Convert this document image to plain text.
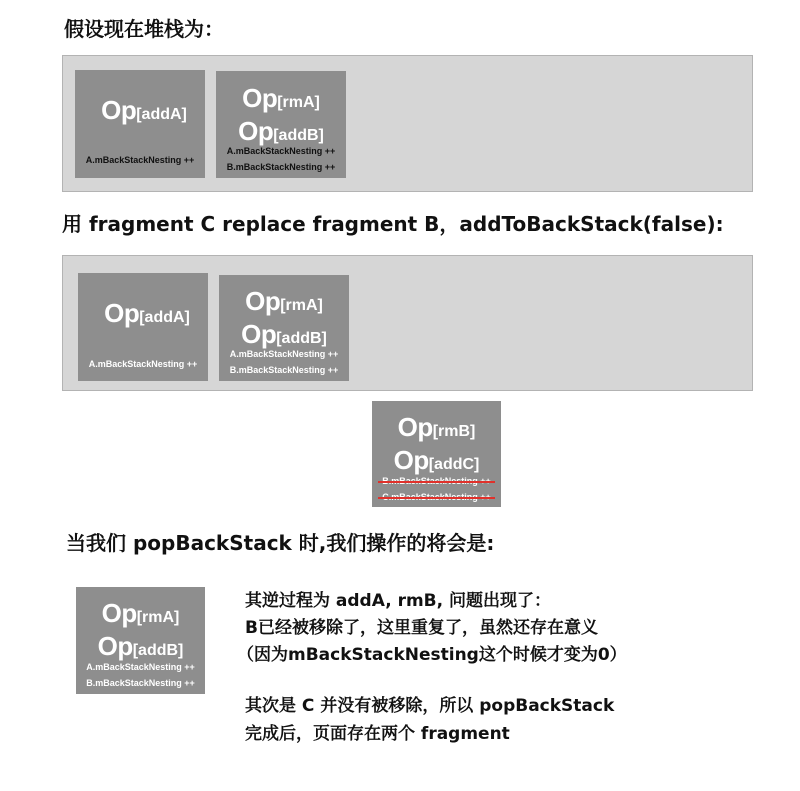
假设现在堆栈为：
Op[addA]
A.mBackStackNesting ++
Op[rmA]
Op[addB]
A.mBackStackNesting ++
B.mBackStackNesting ++
用 fragment C replace fragment B，addToBackStack(false):
Op[addA]
A.mBackStackNesting ++
Op[rmA]
Op[addB]
A.mBackStackNesting ++
B.mBackStackNesting ++
Op[rmB]
Op[addC]
当我们 popBackStack 时,我们操作的将会是:
Op[rmA]
Op[addB]
A.mBackStackNesting ++
B.mBackStackNesting ++
其逆过程为 addA, rmB, 问题出现了：
B已经被移除了，这里重复了，虽然还存在意义
（因为mBackStackNesting这个时候才变为0）
其次是 C 并没有被移除，所以 popBackStack
完成后，页面存在两个 fragment
